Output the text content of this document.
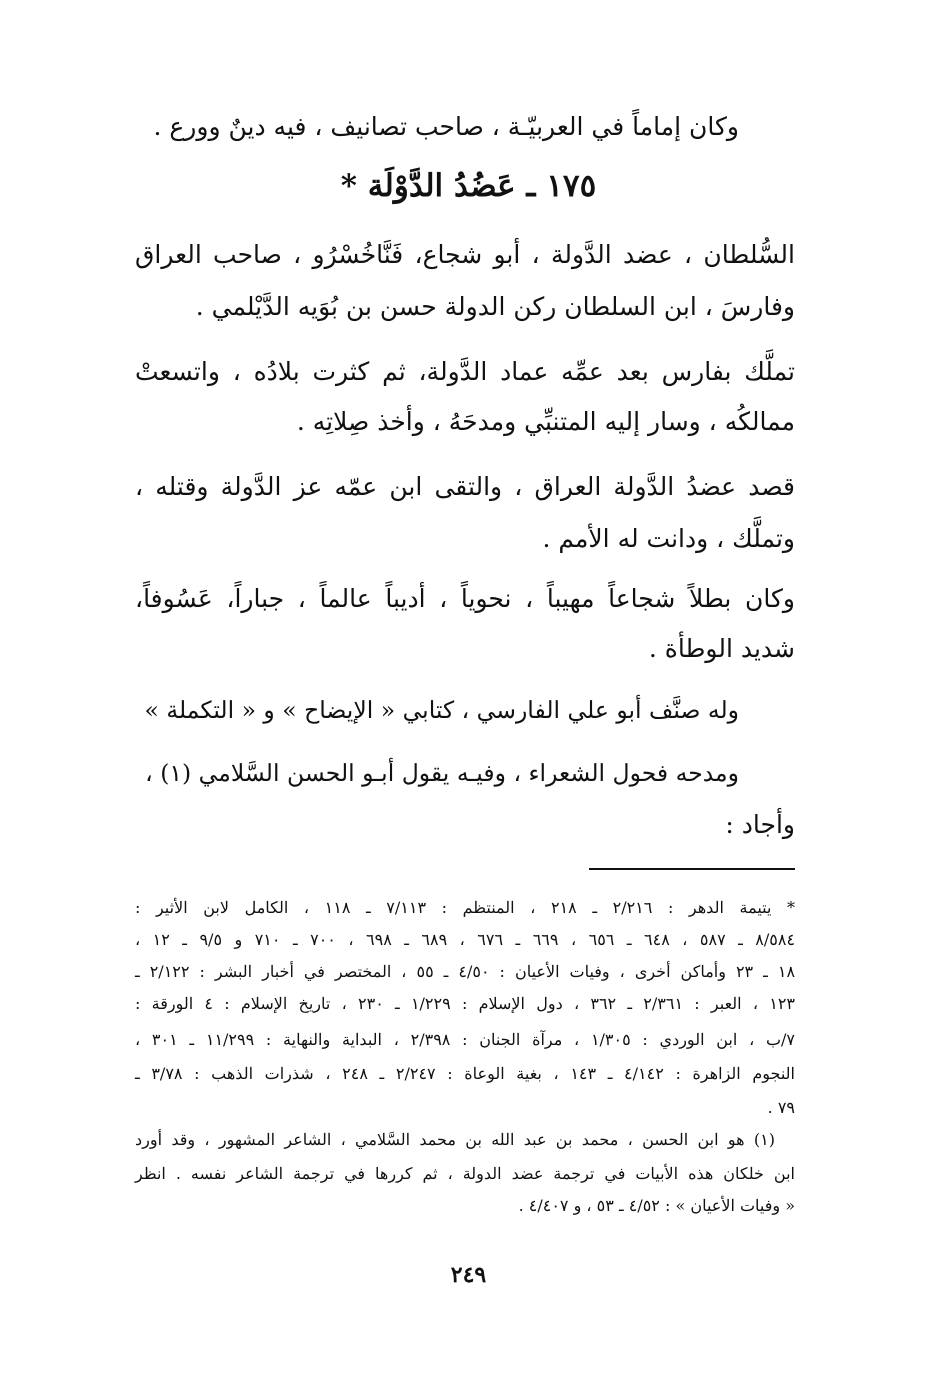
وكان إماماً في العربيّـة ، صاحب تصانيف ، فيه دينٌ وورع .
١٧٥ ـ عَضُدُ الدَّوْلَة *
السُّلطان ، عضد الدَّولة ، أبو شجاع، فَنَّاخُسْرُو ، صاحب العراق
وفارسَ ، ابن السلطان ركن الدولة حسن بن بُوَيه الدَّيْلمي .
تملَّك بفارس بعد عمِّه عماد الدَّولة، ثم كثرت بلادُه ، واتسعتْ
ممالكُه ، وسار إليه المتنبِّي ومدحَهُ ، وأخذ صِلاتِه .
قصد عضدُ الدَّولة العراق ، والتقى ابن عمّه عز الدَّولة وقتله ،
وتملَّك ، ودانت له الأمم .
وكان بطلاً شجاعاً مهيباً ، نحوياً ، أديباً عالماً ، جباراً، عَسُوفاً،
شديد الوطأة .
وله صنَّف أبو علي الفارسي ، كتابي « الإيضاح » و « التكملة »
ومدحه فحول الشعراء ، وفيـه يقول أبـو الحسن السَّلامي (١) ،
وأجاد :
* يتيمة الدهر : ٢/٢١٦ ـ ٢١٨ ، المنتظم : ٧/١١٣ ـ ١١٨ ، الكامل لابن الأثير :
٨/٥٨٤ ـ ٥٨٧ ، ٦٤٨ ـ ٦٥٦ ، ٦٦٩ ـ ٦٧٦ ، ٦٨٩ ـ ٦٩٨ ، ٧٠٠ ـ ٧١٠ و ٩/٥ ـ ١٢ ،
١٨ ـ ٢٣ وأماكن أخرى ، وفيات الأعيان : ٤/٥٠ ـ ٥٥ ، المختصر في أخبار البشر : ٢/١٢٢ ـ
١٢٣ ، العبر : ٢/٣٦١ ـ ٣٦٢ ، دول الإسلام : ١/٢٢٩ ـ ٢٣٠ ، تاريخ الإسلام : ٤ الورقة :
٧/ب ، ابن الوردي : ١/٣٠٥ ، مرآة الجنان : ٢/٣٩٨ ، البداية والنهاية : ١١/٢٩٩ ـ ٣٠١ ،
النجوم الزاهرة : ٤/١٤٢ ـ ١٤٣ ، بغية الوعاة : ٢/٢٤٧ ـ ٢٤٨ ، شذرات الذهب : ٣/٧٨ ـ
٧٩ .
(١) هو ابن الحسن ، محمد بن عبد الله بن محمد السَّلامي ، الشاعر المشهور ، وقد أورد
ابن خلكان هذه الأبيات في ترجمة عضد الدولة ، ثم كررها في ترجمة الشاعر نفسه . انظر
« وفيات الأعيان » : ٤/٥٢ ـ ٥٣ ، و ٤/٤٠٧ .
٢٤٩
